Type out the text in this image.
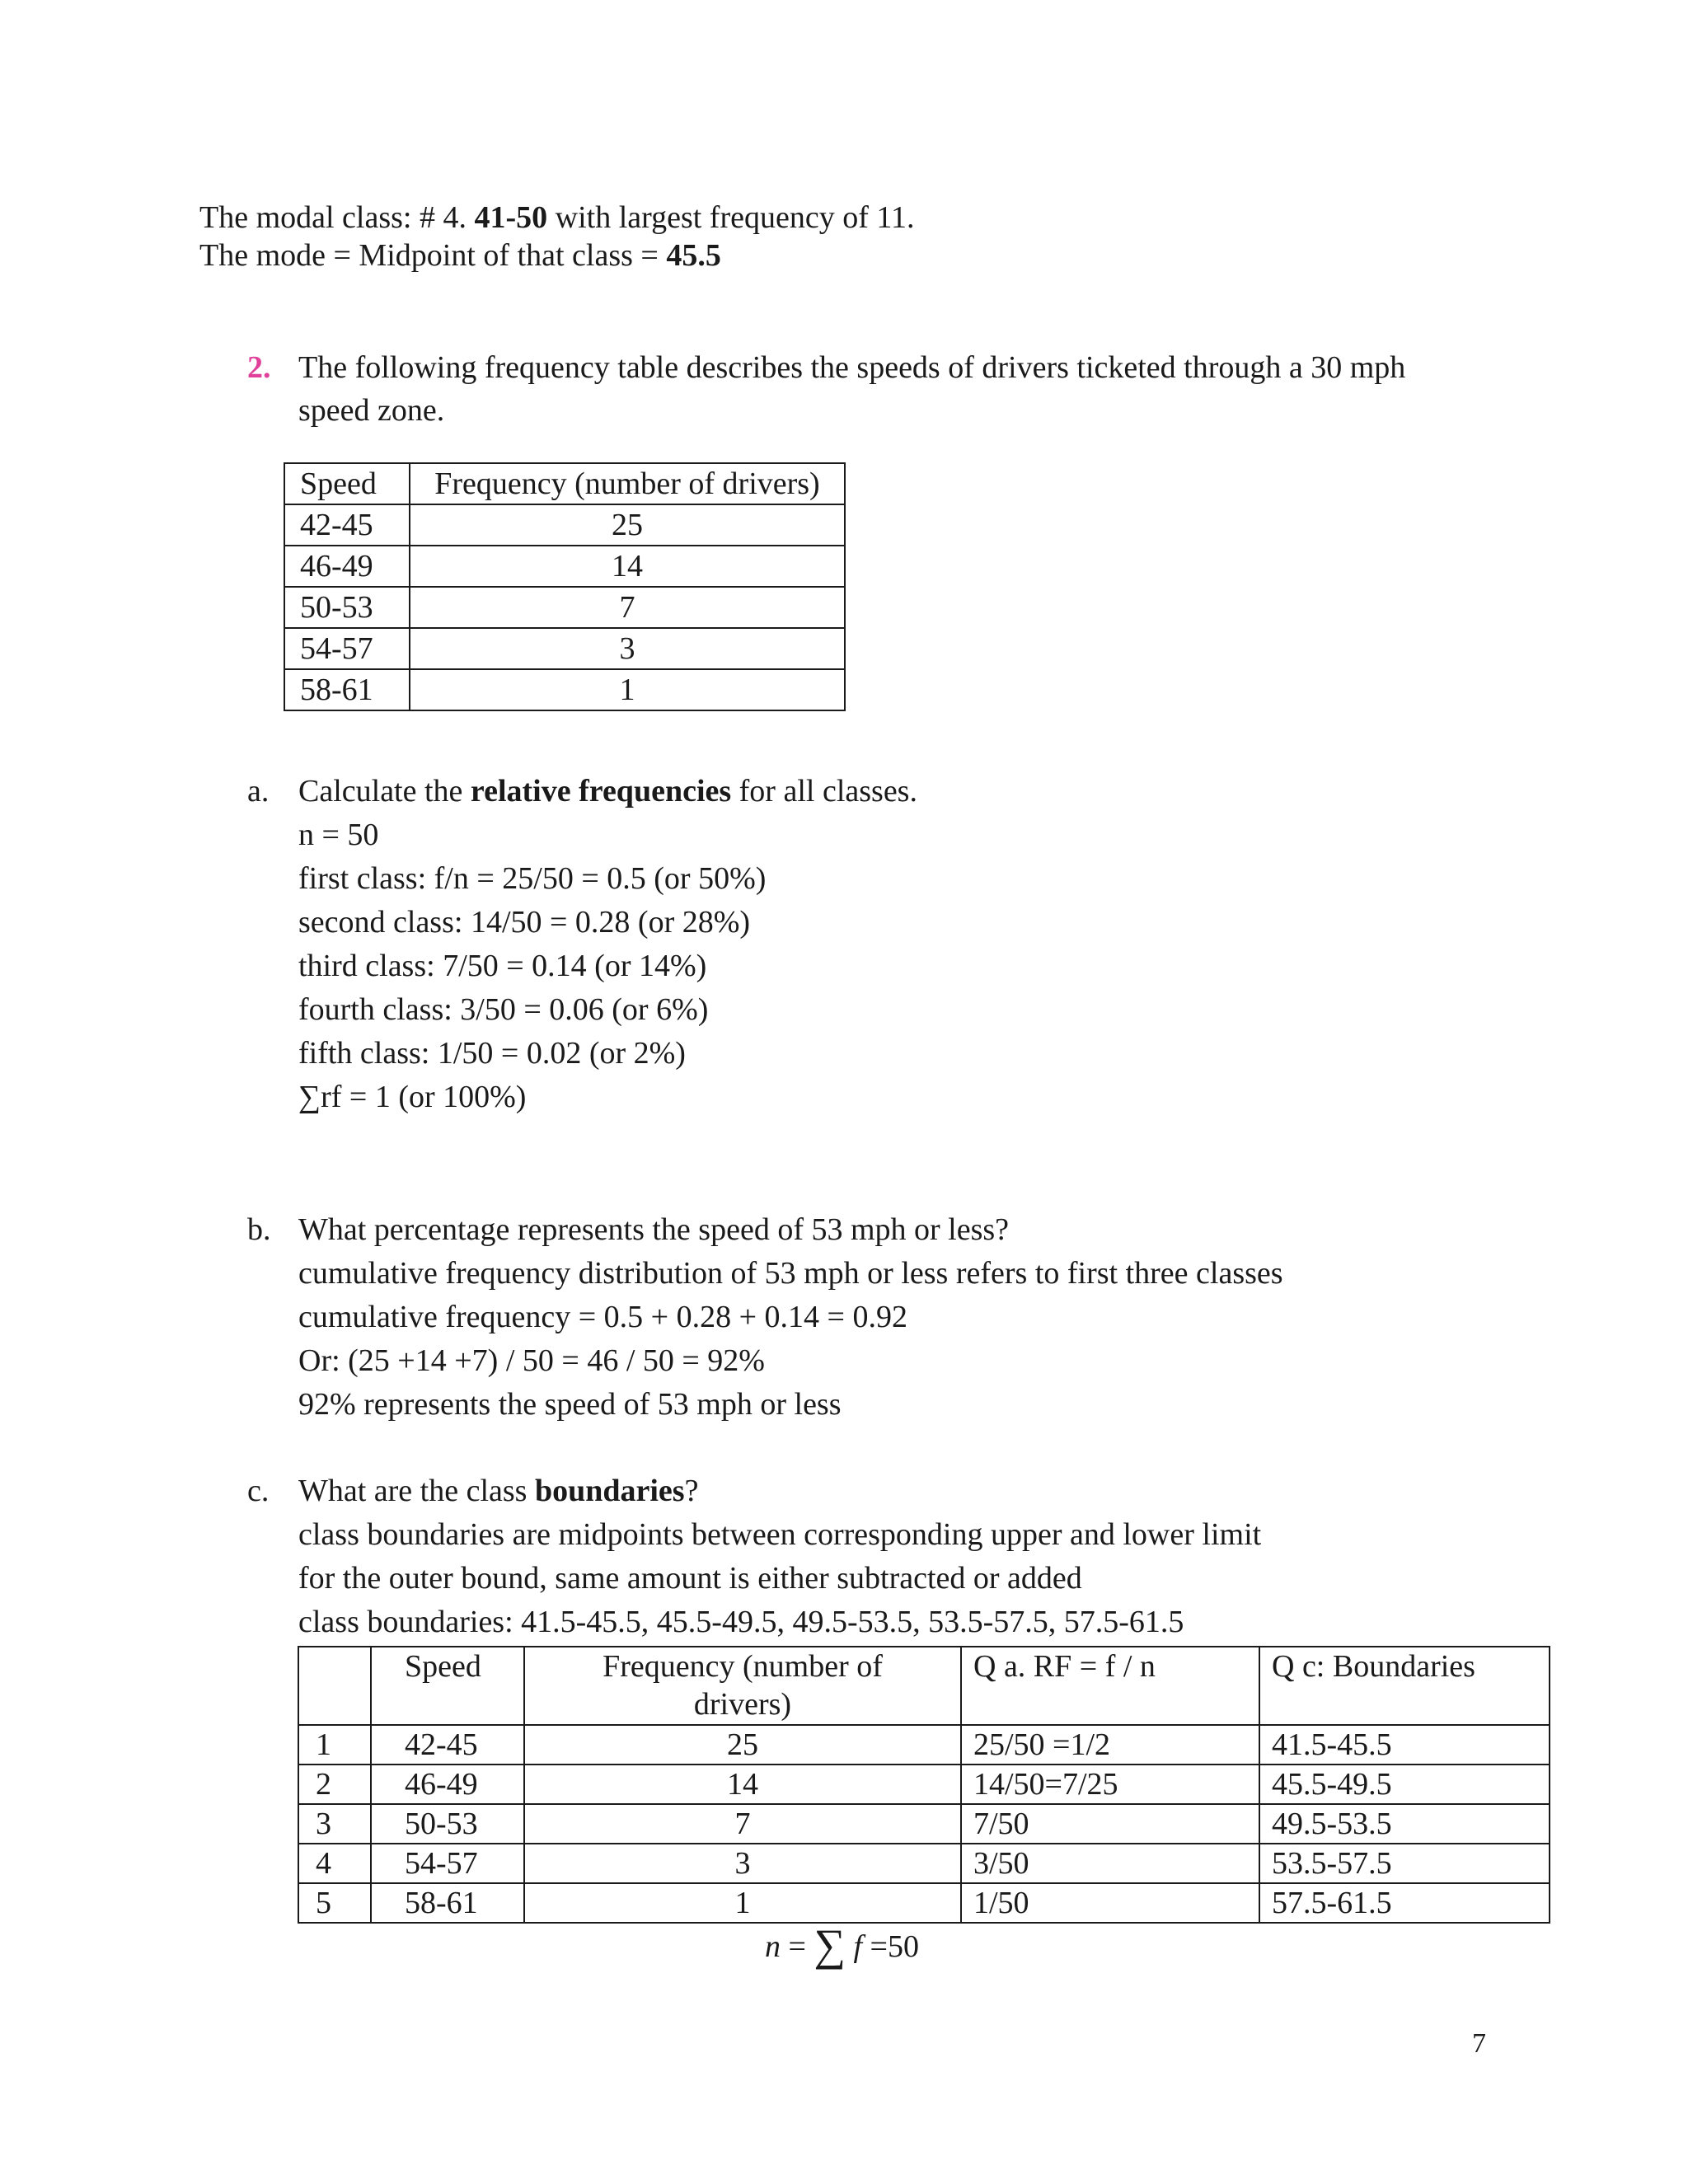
The modal class: # 4. 41-50 with largest frequency of 11.
The mode = Midpoint of that class = 45.5
2. The following frequency table describes the speeds of drivers ticketed through a 30 mph
speed zone.
Speed	Frequency (number of drivers)
42-45	25
46-49	14
50-53	7
54-57	3
58-61	1
a. Calculate the relative frequencies for all classes.
n = 50
first class: f/n = 25/50 = 0.5 (or 50%)
second class: 14/50 = 0.28 (or 28%)
third class: 7/50 = 0.14 (or 14%)
fourth class: 3/50 = 0.06 (or 6%)
fifth class: 1/50 = 0.02 (or 2%)
∑rf = 1 (or 100%)
b. What percentage represents the speed of 53 mph or less?
cumulative frequency distribution of 53 mph or less refers to first three classes
cumulative frequency = 0.5 + 0.28 + 0.14 = 0.92
Or: (25 +14 +7) / 50 = 46 / 50 = 92%
92% represents the speed of 53 mph or less
c. What are the class boundaries?
class boundaries are midpoints between corresponding upper and lower limit
for the outer bound, same amount is either subtracted or added
class boundaries: 41.5-45.5, 45.5-49.5, 49.5-53.5, 53.5-57.5, 57.5-61.5

	Speed	Frequency (number of drivers)	Q a. RF = f / n	Q c: Boundaries
1	42-45	25	25/50 =1/2	41.5-45.5
2	46-49	14	14/50=7/25	45.5-49.5
3	50-53	7	7/50	49.5-53.5
4	54-57	3	3/50	53.5-57.5
5	58-61	1	1/50	57.5-61.5
n = ∑ f =50
7
